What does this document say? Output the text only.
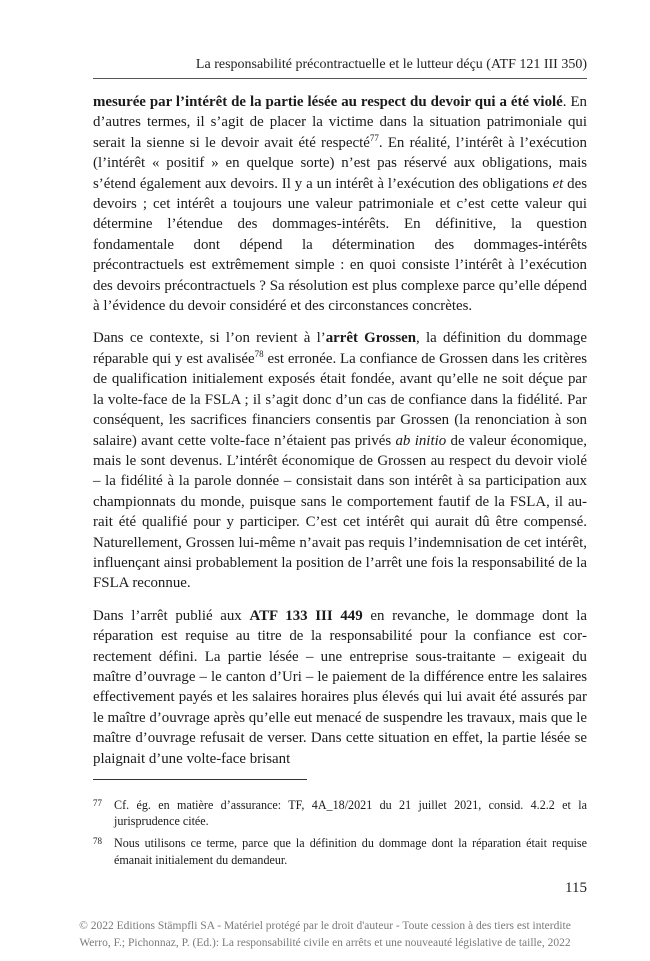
La responsabilité précontractuelle et le lutteur déçu (ATF 121 III 350)

mesurée par l’intérêt de la partie lésée au respect du devoir qui a été violé. En d’autres termes, il s’agit de placer la victime dans la situation patrimoniale qui serait la sienne si le devoir avait été respecté$^{77}$. En réalité, l’intérêt à l’exécution (l’intérêt « positif » en quelque sorte) n’est pas réservé aux obligations, mais s’étend également aux devoirs. Il y a un intérêt à l’exécution des obligations et des devoirs ; cet intérêt a toujours une valeur patrimoniale et c’est cette valeur qui détermine l’étendue des dommages-intérêts. En définitive, la question fondamentale dont dépend la détermination des dommages-intérêts précontractuels est extrêmement simple : en quoi consiste l’intérêt à l’exécution des devoirs précontractuels ? Sa résolution est plus complexe parce qu’elle dépend à l’évidence du devoir considéré et des circonstances concrètes.

Dans ce contexte, si l’on revient à l’arrêt Grossen, la définition du dommage réparable qui y est avalisée$^{78}$ est erronée. La confiance de Grossen dans les critères de qualification initialement exposés était fondée, avant qu’elle ne soit déçue par la volte-face de la FSLA ; il s’agit donc d’un cas de confiance dans la fidélité. Par conséquent, les sacrifices financiers consentis par Grossen (la renonciation à son salaire) avant cette volte-face n’étaient pas privés ab initio de valeur économique, mais le sont devenus. L’intérêt économique de Grossen au respect du devoir violé – la fidélité à la parole donnée – consistait dans son intérêt à sa participation aux championnats du monde, puisque sans le comportement fautif de la FSLA, il aurait été qualifié pour y participer. C’est cet intérêt qui aurait dû être compensé. Naturellement, Grossen lui-même n’avait pas requis l’indemnisation de cet intérêt, influençant ainsi probablement la position de l’arrêt une fois la responsabilité de la FSLA reconnue.

Dans l’arrêt publié aux ATF 133 III 449 en revanche, le dommage dont la réparation est requise au titre de la responsabilité pour la confiance est correctement défini. La partie lésée – une entreprise sous-traitante – exigeait du maître d’ouvrage – le canton d’Uri – le paiement de la différence entre les salaires effectivement payés et les salaires horaires plus élevés qui lui avait été assurés par le maître d’ouvrage après qu’elle eut menacé de suspendre les travaux, mais que le maître d’ouvrage refusait de verser. Dans cette situation en effet, la partie lésée se plaignait d’une volte-face brisant

77 Cf. ég. en matière d’assurance: TF, 4A_18/2021 du 21 juillet 2021, consid. 4.2.2 et la jurisprudence citée.
78 Nous utilisons ce terme, parce que la définition du dommage dont la réparation était requise émanait initialement du demandeur.
115
© 2022 Editions Stämpfli SA - Matériel protégé par le droit d'auteur - Toute cession à des tiers est interdite
Werro, F.; Pichonnaz, P. (Ed.): La responsabilité civile en arrêts et une nouveauté législative de taille, 2022
